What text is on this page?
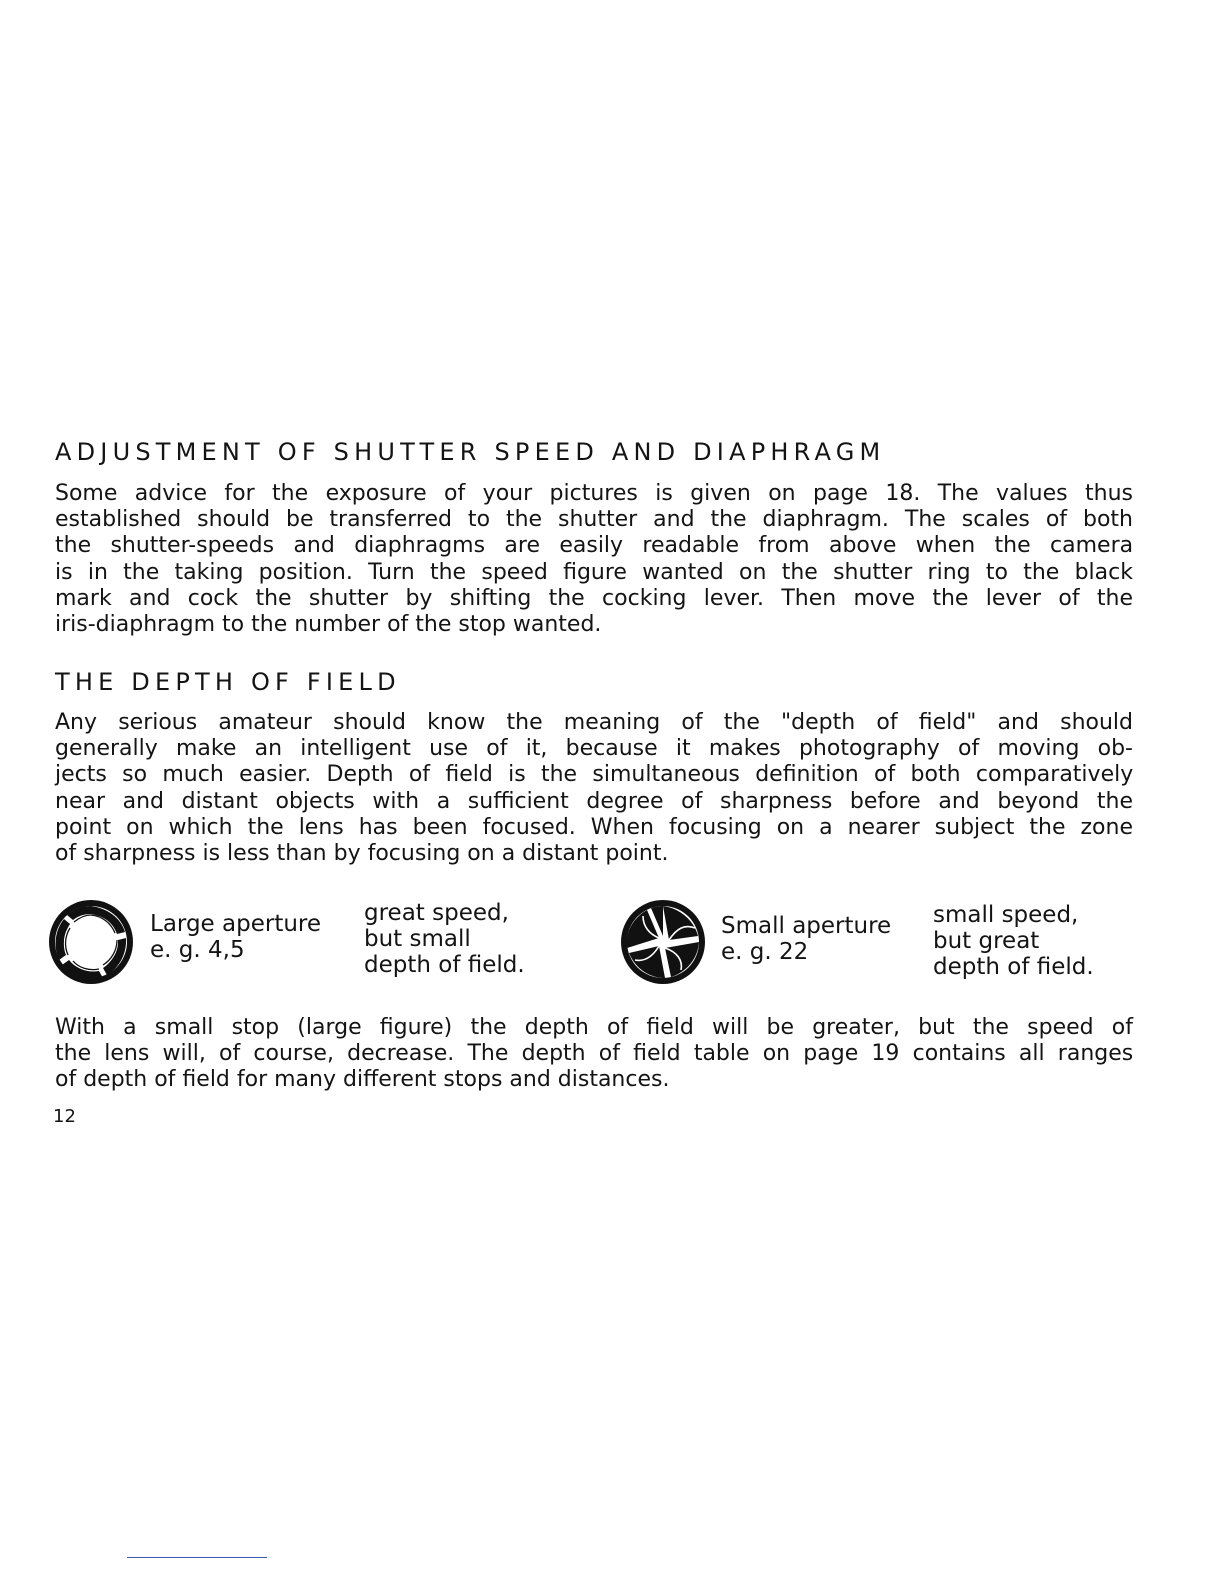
ADJUSTMENT OF SHUTTER SPEED AND DIAPHRAGM

Some advice for the exposure of your pictures is given on page 18. The values thus
established should be transferred to the shutter and the diaphragm. The scales of both
the shutter-speeds and diaphragms are easily readable from above when the camera
is in the taking position. Turn the speed figure wanted on the shutter ring to the black
mark and cock the shutter by shifting the cocking lever. Then move the lever of the
iris-diaphragm to the number of the stop wanted.

THE DEPTH OF FIELD

Any serious amateur should know the meaning of the "depth of field" and should
generally make an intelligent use of it, because it makes photography of moving ob-
jects so much easier. Depth of field is the simultaneous definition of both comparatively
near and distant objects with a sufficient degree of sharpness before and beyond the
point on which the lens has been focused. When focusing on a nearer subject the zone
of sharpness is less than by focusing on a distant point.

Large aperture
e. g. 4,5
great speed,
but small
depth of field.
Small aperture
e. g. 22
small speed,
but great
depth of field.

With a small stop (large figure) the depth of field will be greater, but the speed of
the lens will, of course, decrease. The depth of field table on page 19 contains all ranges
of depth of field for many different stops and distances.

12
